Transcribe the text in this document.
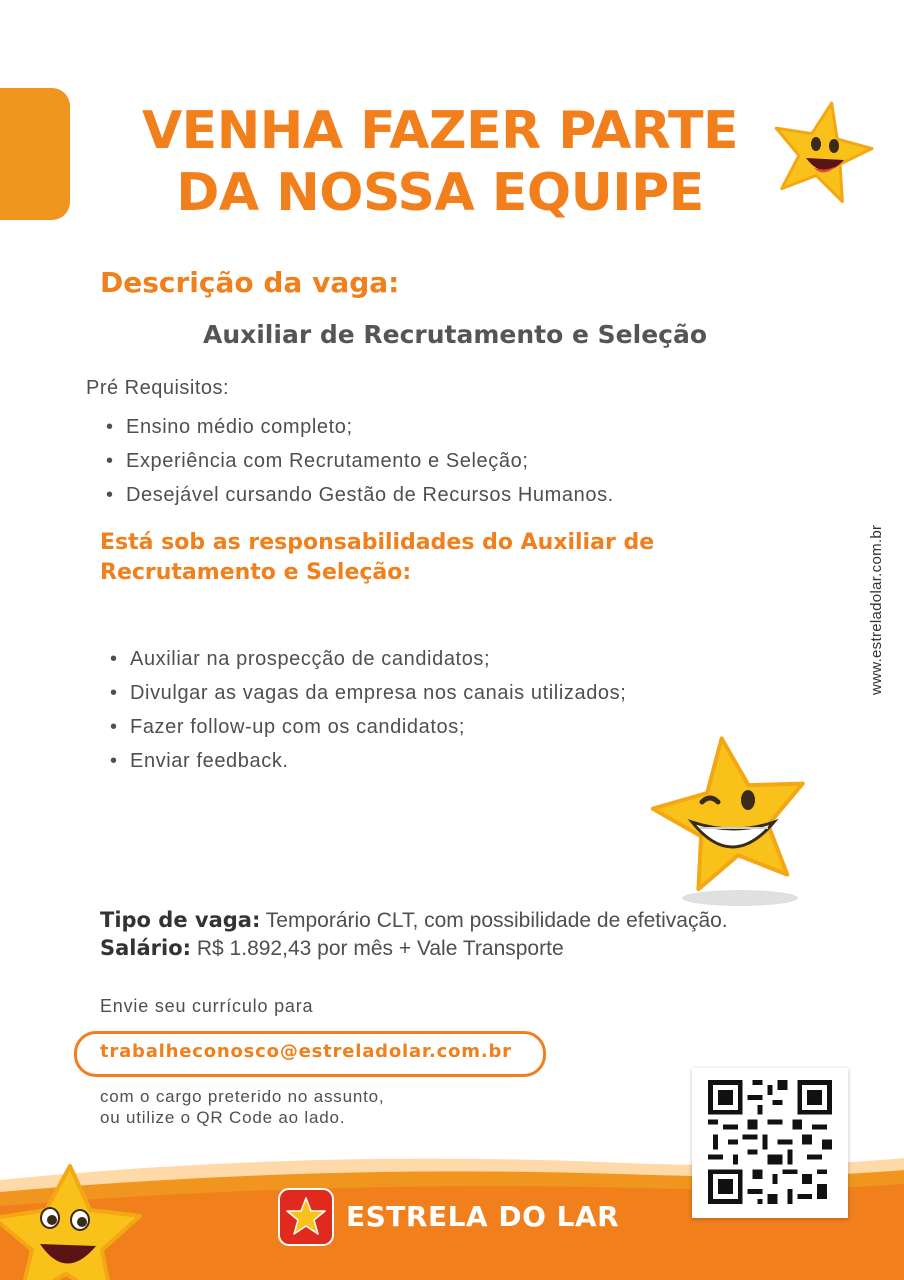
VENHA FAZER PARTE
DA NOSSA EQUIPE
Descrição da vaga:
Auxiliar de Recrutamento e Seleção
Pré Requisitos:
• Ensino médio completo;
• Experiência com Recrutamento e Seleção;
• Desejável cursando Gestão de Recursos Humanos.
Está sob as responsabilidades do Auxiliar de Recrutamento e Seleção:
• Auxiliar na prospecção de candidatos;
• Divulgar as vagas da empresa nos canais utilizados;
• Fazer follow-up com os candidatos;
• Enviar feedback.
www.estreladolar.com.br
Tipo de vaga: Temporário CLT, com possibilidade de efetivação.
Salário: R$ 1.892,43 por mês + Vale Transporte
Envie seu currículo para
trabalheconosco@estreladolar.com.br
com o cargo preterido no assunto,
ou utilize o QR Code ao lado.
ESTRELA DO LAR
